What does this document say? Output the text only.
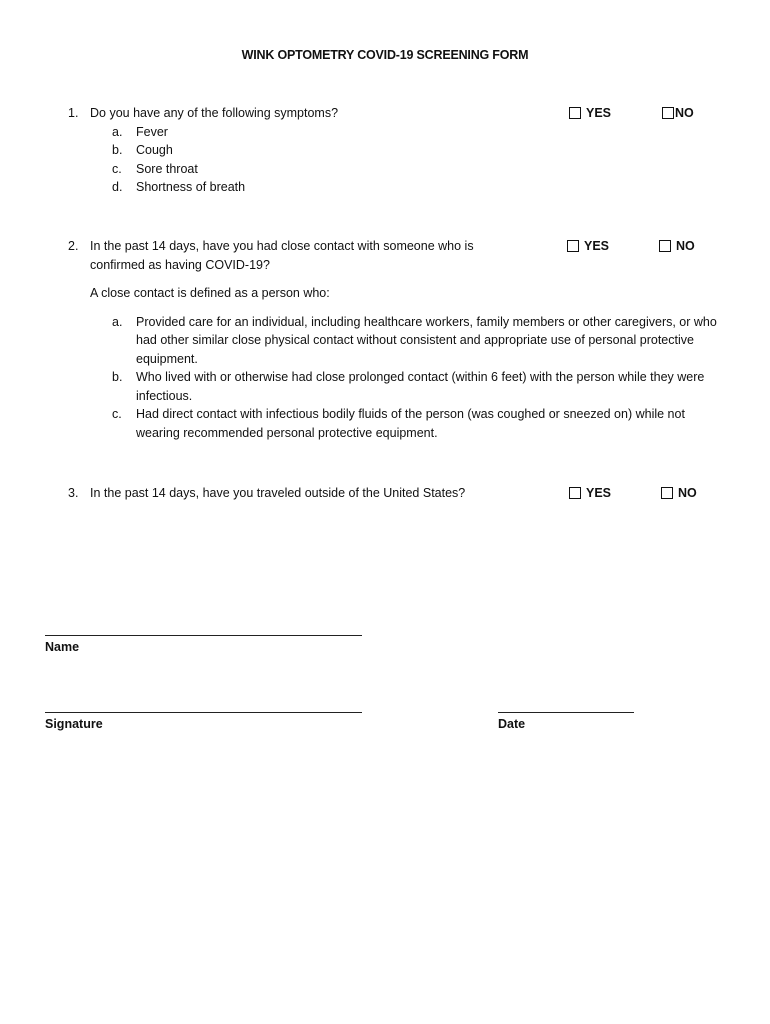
WINK OPTOMETRY COVID-19 SCREENING FORM
1. Do you have any of the following symptoms?
a. Fever
b. Cough
c. Sore throat
d. Shortness of breath
YES	NO
2. In the past 14 days, have you had close contact with someone who is confirmed as having COVID-19?
A close contact is defined as a person who:
a. Provided care for an individual, including healthcare workers, family members or other caregivers, or who had other similar close physical contact without consistent and appropriate use of personal protective equipment.
b. Who lived with or otherwise had close prolonged contact (within 6 feet) with the person while they were infectious.
c. Had direct contact with infectious bodily fluids of the person (was coughed or sneezed on) while not wearing recommended personal protective equipment.
YES	NO
3. In the past 14 days, have you traveled outside of the United States?	YES	NO
Name
Signature	Date
